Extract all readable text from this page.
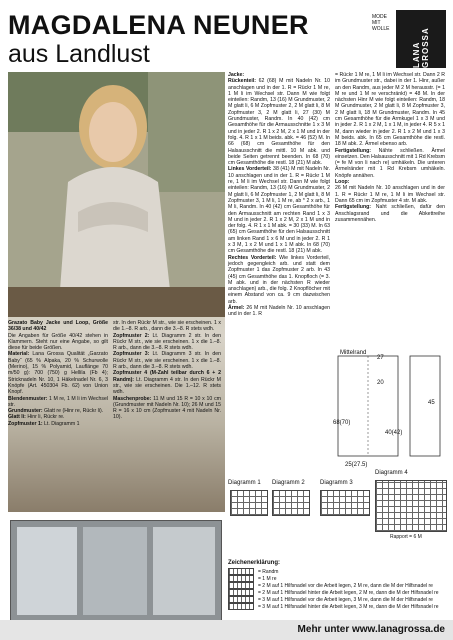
MAGDALENA NEUNER
aus Landlust
MODE MIT WOLLE
LANA GROSSA

Grazato Baby Jacke und Loop, Größe 36/38 und 40/42

Die Angaben für Größe 40/42 stehen in Klammern. Steht nur eine Angabe, so gilt diese für beide Größen.

Material: Lana Grossa Qualität „Garzato Baby“ (65 % Alpaka, 20 % Schurwolle (Merino), 15 % Polyamid, Lauflänge 70 m/50 g): 700 (750) g Hellila (Fb 4); Stricknadeln Nr. 10, 1 Häkelnadel Nr. 6, 3 Knöpfe (Art. 450304 Fb. 62) von Union Knopf.

Blendenmuster: 1 M re, 1 M li im Wechsel str.

Grundmuster: Glatt re (Hinr re, Rückr li).

Glatt li: Hinr li, Rückr re.

Zopfmuster 1: Lt. Diagramm 1

str. In den Rückr M str., wie sie erscheinen. 1 x die 1.–8. R arb., dann die 3.–8. R stets wdh.

Zopfmuster 2: Lt. Diagramm 2 str. In den Rückr M str., wie sie erscheinen. 1 x die 1.–8. R arb., dann die 3.–8. R stets wdh.

Zopfmuster 3: Lt. Diagramm 3 str. In den Rückr M str., wie sie erscheinen. 1 x die 1.–8. R arb., dann die 3.–8. R stets wdh.

Zopfmuster 4 (M-Zahl teilbar durch 6 + 2 Randm): Lt. Diagramm 4 str. In den Rückr M str., wie sie erscheinen. Die 1.–12. R stets wdh.

Maschenprobe: 11 M und 15 R = 10 x 10 cm (Grundmuster mit Nadeln Nr. 10); 26 M und 15 R = 16 x 10 cm (Zopfmuster 4 mit Nadeln Nr. 10).

Jacke:

Rückenteil: 62 (68) M mit Nadeln Nr. 10 anschlagen und in der 1. R = Rückr 1 M re, 1 M li im Wechsel str. Dann M wie folgt einteilen: Randm, 13 (16) M Grundmuster, 2 M glatt li, 6 M Zopfmuster 2, 2 M glatt li, 8 M Zopfmuster 3, 2 M glatt li, 27 (30) M Grundmuster, Randm. In 40 (42) cm Gesamthöhe für die Armausschnitte 1 x 3 M und in jeder 2. R 1 x 2 M, 2 x 1 M und in der folg. 4. R 1 x 1 M beids. abk. = 46 (52) M. In 66 (68) cm Gesamthöhe für den Halsausschnitt die mittl. 10 M abk. und beide Seiten getrennt beenden. In 68 (70) cm Gesamthöhe die restl. 18 (21) M abk.

Linkes Vorderteil: 38 (41) M mit Nadeln Nr. 10 anschlagen und in der 1. R = Rückr 1 M re, 1 M li im Wechsel str. Dann M wie folgt einteilen: Randm, 13 (16) M Grundmuster, 2 M glatt li, 6 M Zopfmuster 1, 2 M glatt li, 8 M Zopfmuster 3, 1 M li, 1 M re, ab * 2 x arb., 1 M li, Randm. In 40 (42) cm Gesamthöhe für den Armausschnitt am rechten Rand 1 x 3 M und in jeder 2. R 1 x 2 M, 2 x 1 M und in der folg. 4. R 1 x 1 M abk. = 30 (33) M. In 63 (65) cm Gesamthöhe für den Halsausschnitt am linken Rand 1 x 6 M und in jeder 2. R 1 x 3 M, 1 x 2 M und 1 x 1 M abk. In 68 (70) cm Gesamthöhe die restl. 18 (21) M abk.

Rechtes Vorderteil: Wie linkes Vorderteil, jedoch gegengleich arb. und statt dem Zopfmuster 1 das Zopfmuster 2 arb. In 43 (45) cm Gesamthöhe das 1. Knopfloch (= 3. M abk. und in der nächsten R wieder anschlagen) arb., die folg. 2 Knopflöcher mit einem Abstand von ca. 9 cm dazwischen arb.

Ärmel: 26 M mit Nadeln Nr. 10 anschlagen und in der 1. R

= Rückr 1 M re, 1 M li im Wechsel str. Dann 2 R im Grundmuster str., dabei in der 1. Hinr, außer an den Randm, aus jeder M 2 M herausstr. (= 1 M re und 1 M re verschränkt) = 48 M. In der nächsten Hinr M wie folgt einteilen: Randm, 18 M Grundmuster, 2 M glatt li, 8 M Zopfmuster 3, 2 M glatt li, 18 M Grundmuster, Randm. In 45 cm Gesamthöhe für die Armkugel 1 x 3 M und in jeder 2. R 1 x 2 M, 1 x 1 M, in jeder 4. R 5 x 1 M, dann wieder in jeder 2. R 1 x 2 M und 1 x 3 M beids. abk. In 65 cm Gesamthöhe die restl. 18 M abk. 2. Ärmel ebenso arb.

Fertigstellung: Nähte schließen. Ärmel einsetzen. Den Halsausschnitt mit 1 Rd Krebsm (= fe M von li nach re) umhäkeln. Die unteren Ärmelränder mit 1 Rd Krebsm umhäkeln. Knöpfe annähen.

Loop:

26 M mit Nadeln Nr. 10 anschlagen und in der 1. R = Rückr 1 M re, 1 M li im Wechsel str. Dann 65 cm im Zopfmuster 4 str. M abk.

Fertigstellung: Naht schließen, dafür den Anschlagsrand und die Abkettreihe zusammennähen.

Mittelrand
25(27.5)
68(70)
40(42)
27
20
45
Diagramm 1 Diagramm 2	Diagramm 3
Diagramm 4
Rapport = 6 M
Zeichenerklärung:
= Randm
= 1 M re
= 2 M auf 1 Hilfsnadel vor die Arbeit legen, 2 M re, dann die M der Hilfsnadel re
= 2 M auf 1 Hilfsnadel hinter die Arbeit legen, 2 M re, dann die M der Hilfsnadel re
= 3 M auf 1 Hilfsnadel vor die Arbeit legen, 3 M re, dann die M der Hilfsnadel re
= 3 M auf 1 Hilfsnadel hinter die Arbeit legen, 3 M re, dann die M der Hilfsnadel re
Mehr unter www.lanagrossa.de
